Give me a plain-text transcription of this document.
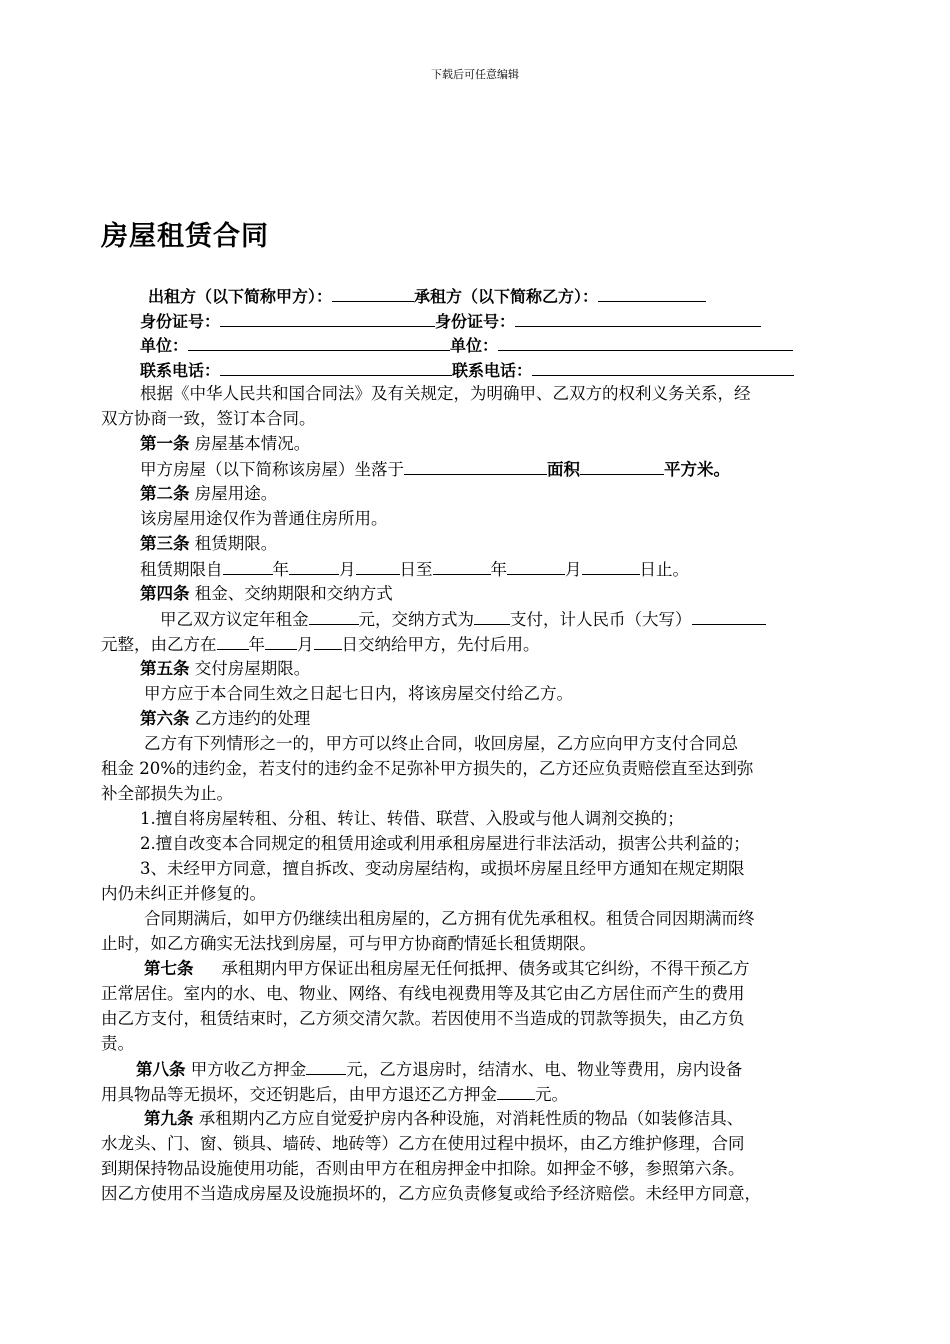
下载后可任意编辑
房屋租赁合同
出租方（以下简称甲方）：	承租方（以下简称乙方）：
身份证号：	身份证号：
单位：	单位：
联系电话：	联系电话：
根据《中华人民共和国合同法》及有关规定，为明确甲、乙双方的权利义务关系，经
双方协商一致，签订本合同。
第一条 房屋基本情况。
甲方房屋（以下简称该房屋）坐落于	面积	平方米。
第二条 房屋用途。
该房屋用途仅作为普通住房所用。
第三条 租赁期限。
租赁期限自	年	月	日至	年	月	日止。
第四条 租金、交纳期限和交纳方式
甲乙双方议定年租金	元，交纳方式为 支付，计人民币（大写）
元整，由乙方在 年 月 日交纳给甲方，先付后用。
第五条 交付房屋期限。
甲方应于本合同生效之日起七日内，将该房屋交付给乙方。
第六条 乙方违约的处理
乙方有下列情形之一的，甲方可以终止合同，收回房屋，乙方应向甲方支付合同总
租金 20%的违约金，若支付的违约金不足弥补甲方损失的，乙方还应负责赔偿直至达到弥
补全部损失为止。
1.擅自将房屋转租、分租、转让、转借、联营、入股或与他人调剂交换的；
2.擅自改变本合同规定的租赁用途或利用承租房屋进行非法活动，损害公共利益的；
3、未经甲方同意，擅自拆改、变动房屋结构，或损坏房屋且经甲方通知在规定期限
内仍未纠正并修复的。
合同期满后，如甲方仍继续出租房屋的，乙方拥有优先承租权。租赁合同因期满而终
止时，如乙方确实无法找到房屋，可与甲方协商酌情延长租赁期限。
第七条 承租期内甲方保证出租房屋无任何抵押、债务或其它纠纷，不得干预乙方
正常居住。室内的水、电、物业、网络、有线电视费用等及其它由乙方居住而产生的费用
由乙方支付，租赁结束时，乙方须交清欠款。若因使用不当造成的罚款等损失，由乙方负
责。
第八条 甲方收乙方押金 元，乙方退房时，结清水、电、物业等费用，房内设备
用具物品等无损坏，交还钥匙后，由甲方退还乙方押金 元。
第九条 承租期内乙方应自觉爱护房内各种设施，对消耗性质的物品（如装修洁具、
水龙头、门、窗、锁具、墙砖、地砖等）乙方在使用过程中损坏，由乙方维护修理，合同
到期保持物品设施使用功能，否则由甲方在租房押金中扣除。如押金不够，参照第六条。
因乙方使用不当造成房屋及设施损坏的，乙方应负责修复或给予经济赔偿。未经甲方同意，
